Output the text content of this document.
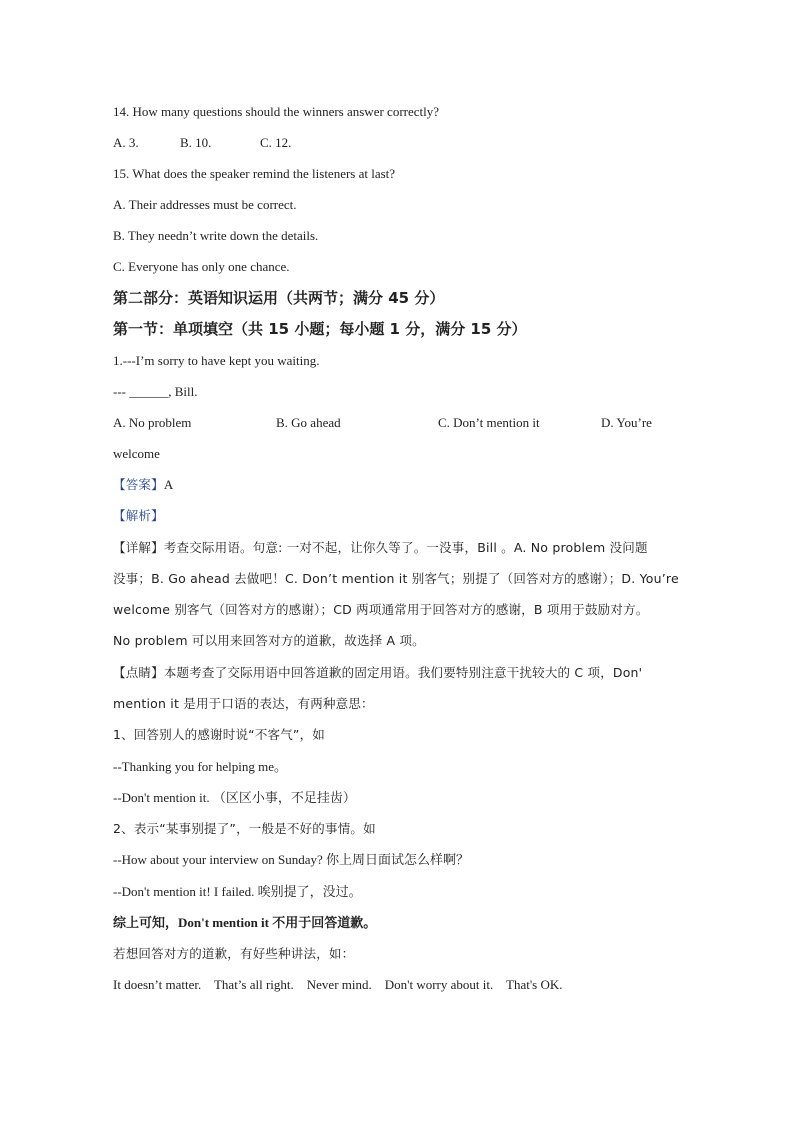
14. How many questions should the winners answer correctly?
A. 3.	B. 10.	C. 12.
15. What does the speaker remind the listeners at last?
A. Their addresses must be correct.
B. They needn’t write down the details.
C. Everyone has only one chance.
第二部分：英语知识运用（共两节；满分 45 分）
第一节：单项填空（共 15 小题；每小题 1 分，满分 15 分）
1.---I’m sorry to have kept you waiting.
--- ______, Bill.
A. No problem	B. Go ahead	C. Don’t mention it	D. You’re
welcome
【答案】A
【解析】
【详解】考查交际用语。句意: 一对不起，让你久等了。一没事，Bill 。A. No problem 没问题
没事；B. Go ahead 去做吧！C. Don’t mention it 别客气；别提了（回答对方的感谢）；D. You’re
welcome 别客气（回答对方的感谢）；CD 两项通常用于回答对方的感谢，B 项用于鼓励对方。
No problem 可以用来回答对方的道歉，故选择 A 项。
【点睛】本题考查了交际用语中回答道歉的固定用语。我们要特别注意干扰较大的 C 项，Don'
mention it 是用于口语的表达，有两种意思：
1、回答别人的感谢时说“不客气”，如
--Thanking you for helping me。
--Don't mention it. （区区小事，不足挂齿）
2、表示“某事别提了”，一般是不好的事情。如
--How about your interview on Sunday? 你上周日面试怎么样啊？
--Don't mention it! I failed. 唉别提了，没过。
综上可知，Don't mention it 不用于回答道歉。
若想回答对方的道歉，有好些种讲法，如：
It doesn’t matter.    That’s all right.    Never mind.    Don't worry about it.    That's OK.
